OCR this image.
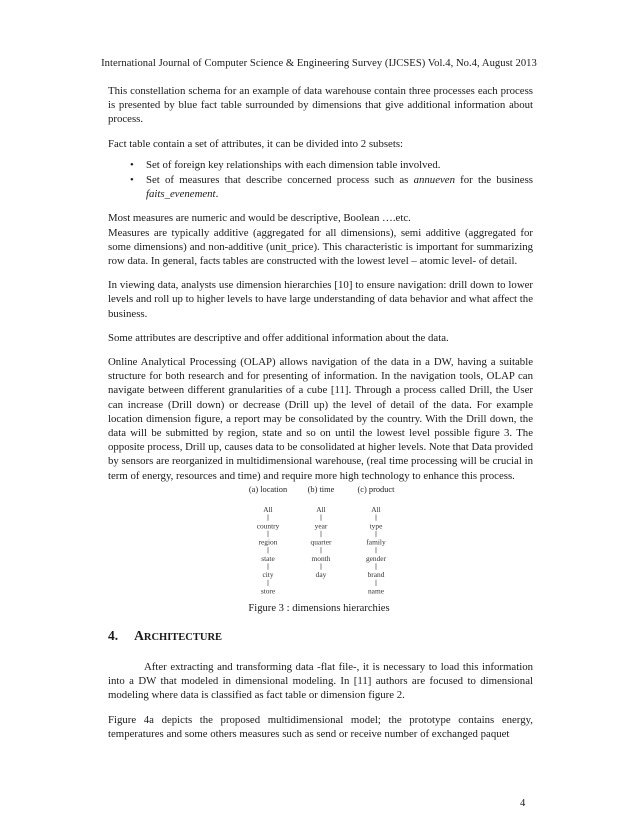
International Journal of Computer Science & Engineering Survey (IJCSES) Vol.4, No.4, August 2013

This constellation schema for an example of data warehouse contain three processes each process is presented by blue fact table surrounded by dimensions that give additional information about process.

Fact table contain a set of attributes, it can be divided into 2 subsets:

• Set of foreign key relationships with each dimension table involved.
• Set of measures that describe concerned process such as annueven for the business faits_evenement.

Most measures are numeric and would be descriptive, Boolean ….etc.

Measures are typically additive (aggregated for all dimensions), semi additive (aggregated for some dimensions) and non-additive (unit_price). This characteristic is important for summarizing row data. In general, facts tables are constructed with the lowest level – atomic level- of detail.

In viewing data, analysts use dimension hierarchies [10] to ensure navigation: drill down to lower levels and roll up to higher levels to have large understanding of data behavior and what affect the business.

Some attributes are descriptive and offer additional information about the data.

Online Analytical Processing (OLAP) allows navigation of the data in a DW, having a suitable structure for both research and for presenting of information. In the navigation tools, OLAP can navigate between different granularities of a cube [11]. Through a process called Drill, the User can increase (Drill down) or decrease (Drill up) the level of detail of the data. For example location dimension figure, a report may be consolidated by the country. With the Drill down, the data will be submitted by region, state and so on until the lowest level possible figure 3. The opposite process, Drill up, causes data to be consolidated at higher levels. Note that Data provided by sensors are reorganized in multidimensional warehouse, (real time processing will be crucial in term of energy, resources and time) and require more high technology to enhance this process.

(a) location
All
country
region
state
city
store
(b) time
All
year
quarter
month
day
(c) product
All
type
family
gender
brand
name
Figure 3 : dimensions hierarchies
4. ARCHITECTURE

After extracting and transforming data -flat file-, it is necessary to load this information into a DW that modeled in dimensional modeling. In [11] authors are focused to dimensional modeling where data is classified as fact table or dimension figure 2.

Figure 4a depicts the proposed multidimensional model; the prototype contains energy, temperatures and some others measures such as send or receive number of exchanged paquet

4
